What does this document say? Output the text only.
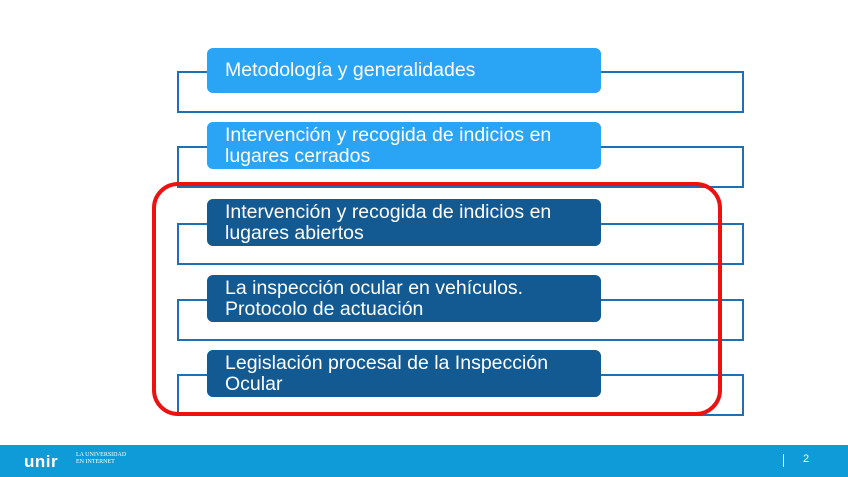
Metodología y generalidades
Intervención y recogida de indicios en lugares cerrados
Intervención y recogida de indicios en lugares abiertos
La inspección ocular en vehículos. Protocolo de actuación
Legislación procesal de la Inspección Ocular
unir	LA UNIVERSIDAD
EN INTERNET	2
